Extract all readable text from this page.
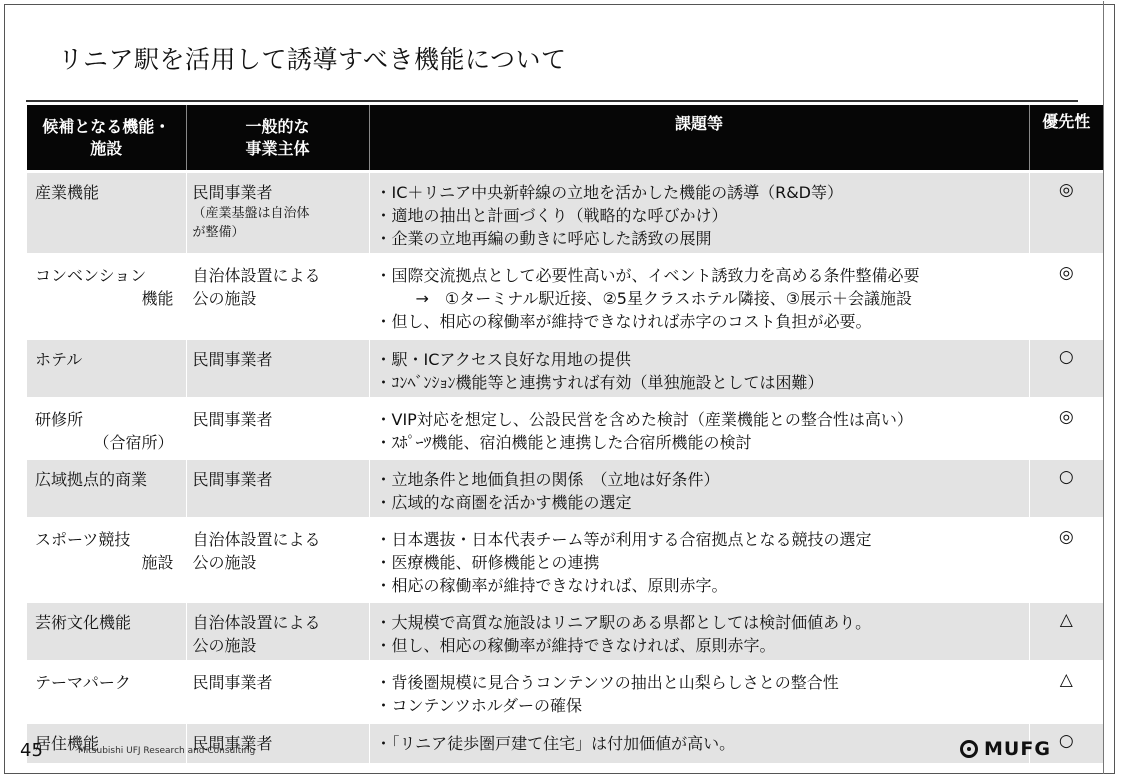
リニア駅を活用して誘導すべき機能について
候補となる機能・
施設	一般的な
事業主体	課題等	優先性

産業機能	民間事業者
（産業基盤は自治体
が整備）	・IC＋リニア中央新幹線の立地を活かした機能の誘導（R&D等）
・適地の抽出と計画づくり（戦略的な呼びかけ）
・企業の立地再編の動きに呼応した誘致の展開	◎

コンベンション
機能	自治体設置による
公の施設	・国際交流拠点として必要性高いが、イベント誘致力を高める条件整備必要
→　①ターミナル駅近接、②5星クラスホテル隣接、③展示＋会議施設
・但し、相応の稼働率が維持できなければ赤字のコスト負担が必要。	◎

ホテル	民間事業者	・駅・ICアクセス良好な用地の提供
・ｺﾝﾍﾞﾝｼｮﾝ機能等と連携すれば有効（単独施設としては困難）	○

研修所
（合宿所）	民間事業者	・VIP対応を想定し、公設民営を含めた検討（産業機能との整合性は高い）
・ｽﾎﾟｰﾂ機能、宿泊機能と連携した合宿所機能の検討	◎

広域拠点的商業	民間事業者	・立地条件と地価負担の関係　（立地は好条件）
・広域的な商圏を活かす機能の選定	○

スポーツ競技
施設	自治体設置による
公の施設	・日本選抜・日本代表チーム等が利用する合宿拠点となる競技の選定
・医療機能、研修機能との連携
・相応の稼働率が維持できなければ、原則赤字。	◎

芸術文化機能	自治体設置による
公の施設	・大規模で高質な施設はリニア駅のある県都としては検討価値あり。
・但し、相応の稼働率が維持できなければ、原則赤字。	△

テーマパーク	民間事業者	・背後圏規模に見合うコンテンツの抽出と山梨らしさとの整合性
・コンテンツホルダーの確保	△

居住機能	民間事業者	・「リニア徒歩圏戸建て住宅」は付加価値が高い。	○
45	Mitsubishi UFJ Research and Consulting	MUFG
